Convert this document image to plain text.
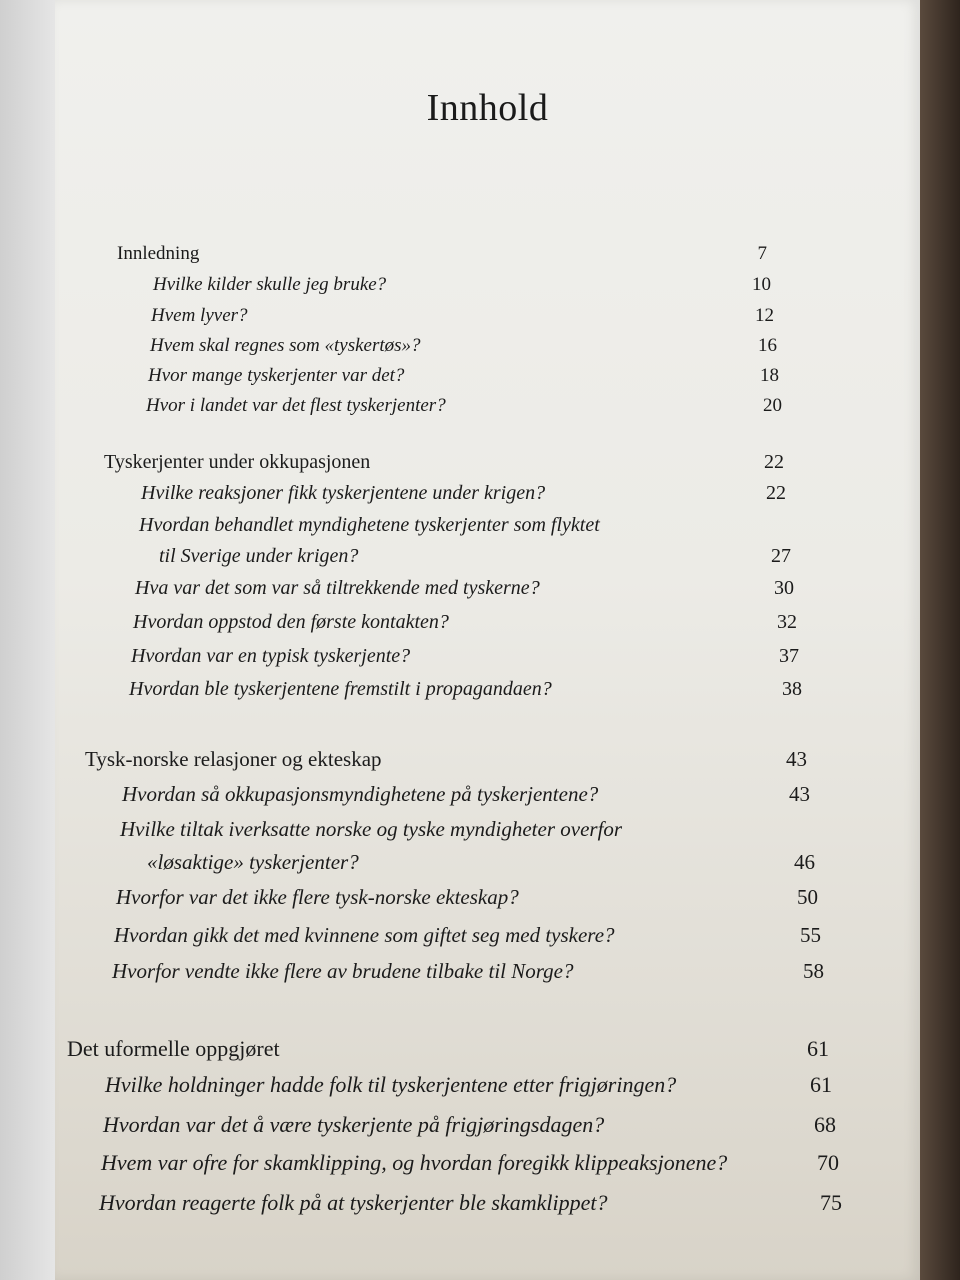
Innhold
Innledning	7
Hvilke kilder skulle jeg bruke?	10
Hvem lyver?	12
Hvem skal regnes som «tyskertøs»?	16
Hvor mange tyskerjenter var det?	18
Hvor i landet var det flest tyskerjenter?	20
Tyskerjenter under okkupasjonen	22
Hvilke reaksjoner fikk tyskerjentene under krigen?	22
Hvordan behandlet myndighetene tyskerjenter som flyktet
til Sverige under krigen?	27
Hva var det som var så tiltrekkende med tyskerne?	30
Hvordan oppstod den første kontakten?	32
Hvordan var en typisk tyskerjente?	37
Hvordan ble tyskerjentene fremstilt i propagandaen?	38
Tysk-norske relasjoner og ekteskap	43
Hvordan så okkupasjonsmyndighetene på tyskerjentene?	43
Hvilke tiltak iverksatte norske og tyske myndigheter overfor
«løsaktige» tyskerjenter?	46
Hvorfor var det ikke flere tysk-norske ekteskap?	50
Hvordan gikk det med kvinnene som giftet seg med tyskere?	55
Hvorfor vendte ikke flere av brudene tilbake til Norge?	58
Det uformelle oppgjøret	61
Hvilke holdninger hadde folk til tyskerjentene etter frigjøringen?	61
Hvordan var det å være tyskerjente på frigjøringsdagen?	68
Hvem var ofre for skamklipping, og hvordan foregikk klippeaksjonene?	70
Hvordan reagerte folk på at tyskerjenter ble skamklippet?	75
